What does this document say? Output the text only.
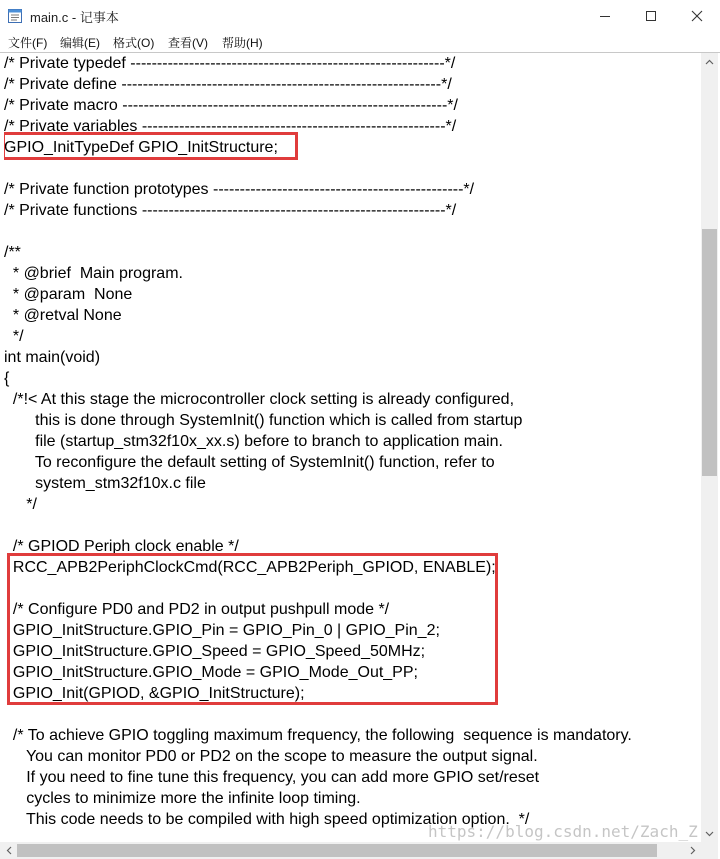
main.c - 记事本
文件(F) 编辑(E) 格式(O) 查看(V) 帮助(H)
/* Private typedef -----------------------------------------------------------*/
/* Private define ------------------------------------------------------------*/
/* Private macro -------------------------------------------------------------*/
/* Private variables ---------------------------------------------------------*/
GPIO_InitTypeDef GPIO_InitStructure;
/* Private function prototypes -----------------------------------------------*/
/* Private functions ---------------------------------------------------------*/
/**
* @brief  Main program.
* @param  None
* @retval None
*/
int main(void)
{
/*!< At this stage the microcontroller clock setting is already configured,
this is done through SystemInit() function which is called from startup
file (startup_stm32f10x_xx.s) before to branch to application main.
To reconfigure the default setting of SystemInit() function, refer to
system_stm32f10x.c file
*/
/* GPIOD Periph clock enable */
RCC_APB2PeriphClockCmd(RCC_APB2Periph_GPIOD, ENABLE);
/* Configure PD0 and PD2 in output pushpull mode */
GPIO_InitStructure.GPIO_Pin = GPIO_Pin_0 | GPIO_Pin_2;
GPIO_InitStructure.GPIO_Speed = GPIO_Speed_50MHz;
GPIO_InitStructure.GPIO_Mode = GPIO_Mode_Out_PP;
GPIO_Init(GPIOD, &GPIO_InitStructure);
/* To achieve GPIO toggling maximum frequency, the following  sequence is mandatory.
You can monitor PD0 or PD2 on the scope to measure the output signal.
If you need to fine tune this frequency, you can add more GPIO set/reset
cycles to minimize more the infinite loop timing.
This code needs to be compiled with high speed optimization option.  */
https://blog.csdn.net/Zach_Z
